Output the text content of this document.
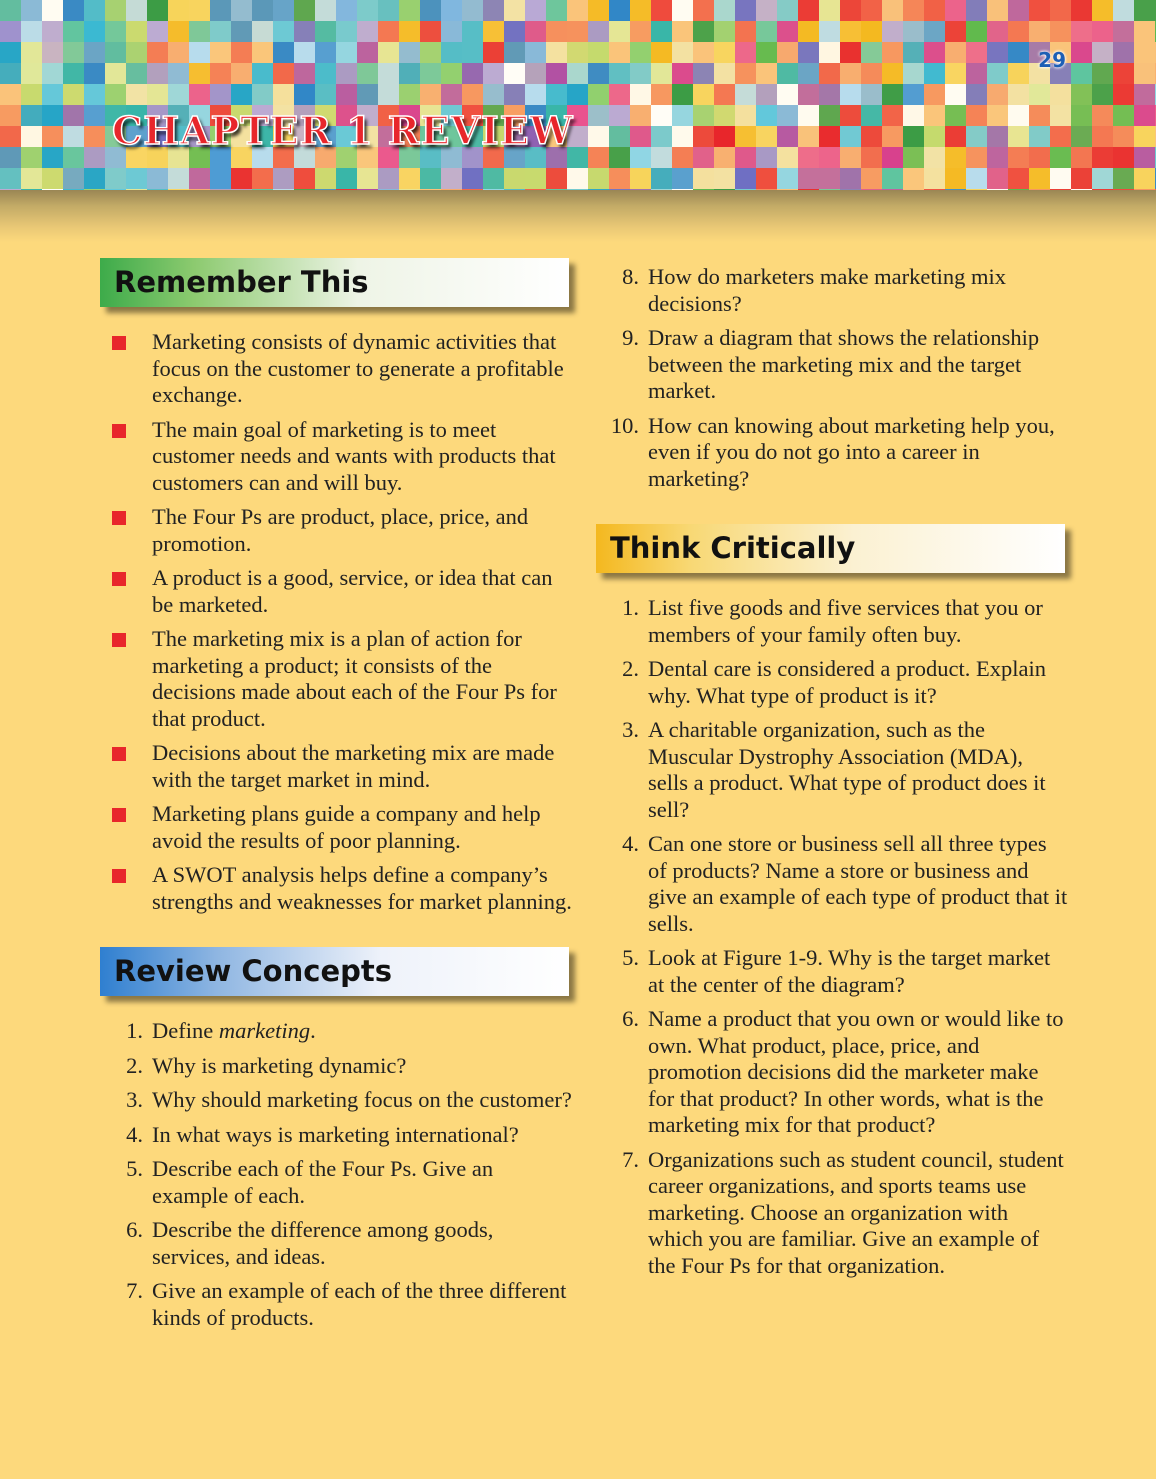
29
CHAPTER 1 REVIEW
Remember This
Marketing consists of dynamic activities that focus on the customer to generate a profitable exchange.
The main goal of marketing is to meet customer needs and wants with products that customers can and will buy.
The Four Ps are product, place, price, and promotion.
A product is a good, service, or idea that can be marketed.
The marketing mix is a plan of action for marketing a product; it consists of the decisions made about each of the Four Ps for that product.
Decisions about the marketing mix are made with the target market in mind.
Marketing plans guide a company and help avoid the results of poor planning.
A SWOT analysis helps define a company’s strengths and weaknesses for market planning.
Review Concepts
1. Define marketing.
2. Why is marketing dynamic?
3. Why should marketing focus on the customer?
4. In what ways is marketing international?
5. Describe each of the Four Ps. Give an example of each.
6. Describe the difference among goods, services, and ideas.
7. Give an example of each of the three different kinds of products.
8. How do marketers make marketing mix decisions?
9. Draw a diagram that shows the relationship between the marketing mix and the target market.
10. How can knowing about marketing help you, even if you do not go into a career in marketing?
Think Critically
1. List five goods and five services that you or members of your family often buy.
2. Dental care is considered a product. Explain why. What type of product is it?
3. A charitable organization, such as the Muscular Dystrophy Association (MDA), sells a product. What type of product does it sell?
4. Can one store or business sell all three types of products? Name a store or business and give an example of each type of product that it sells.
5. Look at Figure 1-9. Why is the target market at the center of the diagram?
6. Name a product that you own or would like to own. What product, place, price, and promotion decisions did the marketer make for that product? In other words, what is the marketing mix for that product?
7. Organizations such as student council, student career organizations, and sports teams use marketing. Choose an organization with which you are familiar. Give an example of the Four Ps for that organization.
